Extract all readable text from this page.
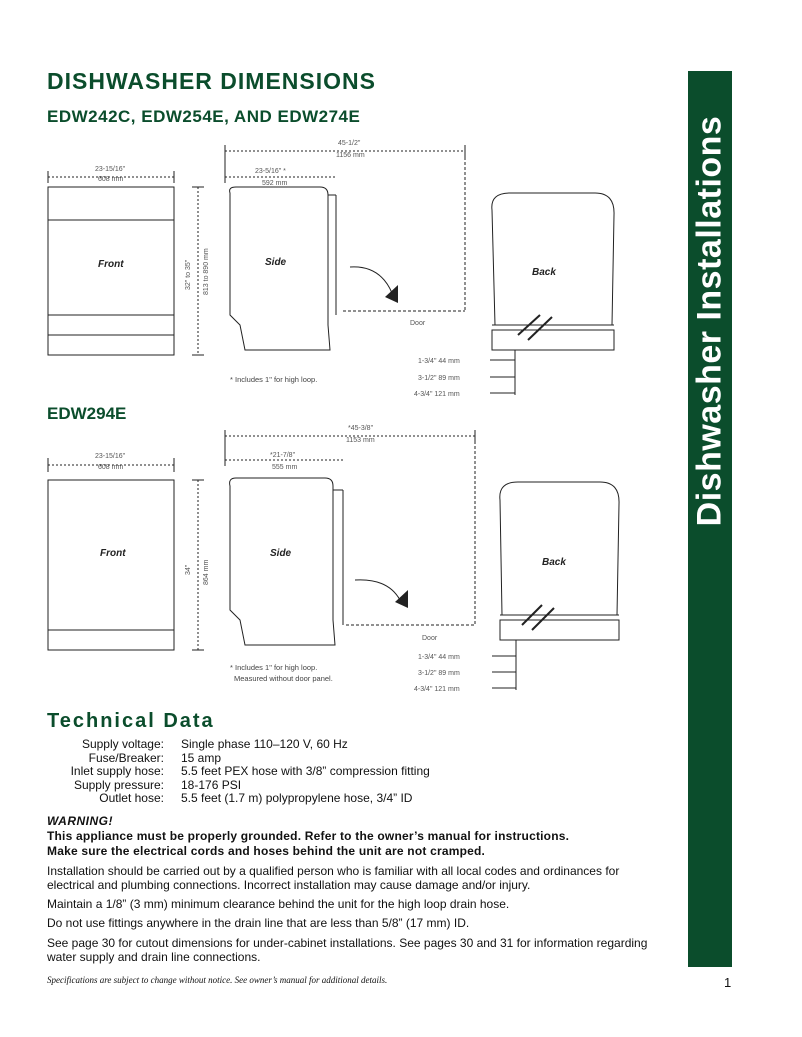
DISHWASHER DIMENSIONS
EDW242C, EDW254E, AND EDW274E	Dishwasher Installations
Front	Side
Back
Door
23-15/16"
608 mm
32" to 35" 813 to 890 mm
23-5/16" *
592 mm
45-1/2"
1156 mm
* Includes 1" for high loop.
1-3/4" 44 mm
3-1/2" 89 mm
4-3/4" 121 mm
EDW294E
Front	Side
Back
Door
23-15/16"
608 mm
34" 864 mm
*21-7/8"
555 mm
*45-3/8"
1153 mm
* Includes 1" for high loop.
Measured without door panel.
1-3/4" 44 mm
3-1/2" 89 mm
4-3/4" 121 mm
Technical Data
Supply voltage:	Single phase 110–120 V, 60 Hz
Fuse/Breaker:	15 amp
Inlet supply hose:	5.5 feet PEX hose with 3/8” compression fitting
Supply pressure:	18-176 PSI
Outlet hose:	5.5 feet (1.7 m) polypropylene hose, 3/4” ID
WARNING!
This appliance must be properly grounded. Refer to the owner’s manual for instructions.
Make sure the electrical cords and hoses behind the unit are not cramped.
Installation should be carried out by a qualified person who is familiar with all local codes and ordinances for electrical and plumbing connections. Incorrect installation may cause damage and/or injury.
Maintain a 1/8” (3 mm) minimum clearance behind the unit for the high loop drain hose.
Do not use fittings anywhere in the drain line that are less than 5/8” (17 mm) ID.
See page 30 for cutout dimensions for under-cabinet installations. See pages 30 and 31 for information regarding water supply and drain line connections.
Specifications are subject to change without notice. See owner’s manual for additional details.	1
